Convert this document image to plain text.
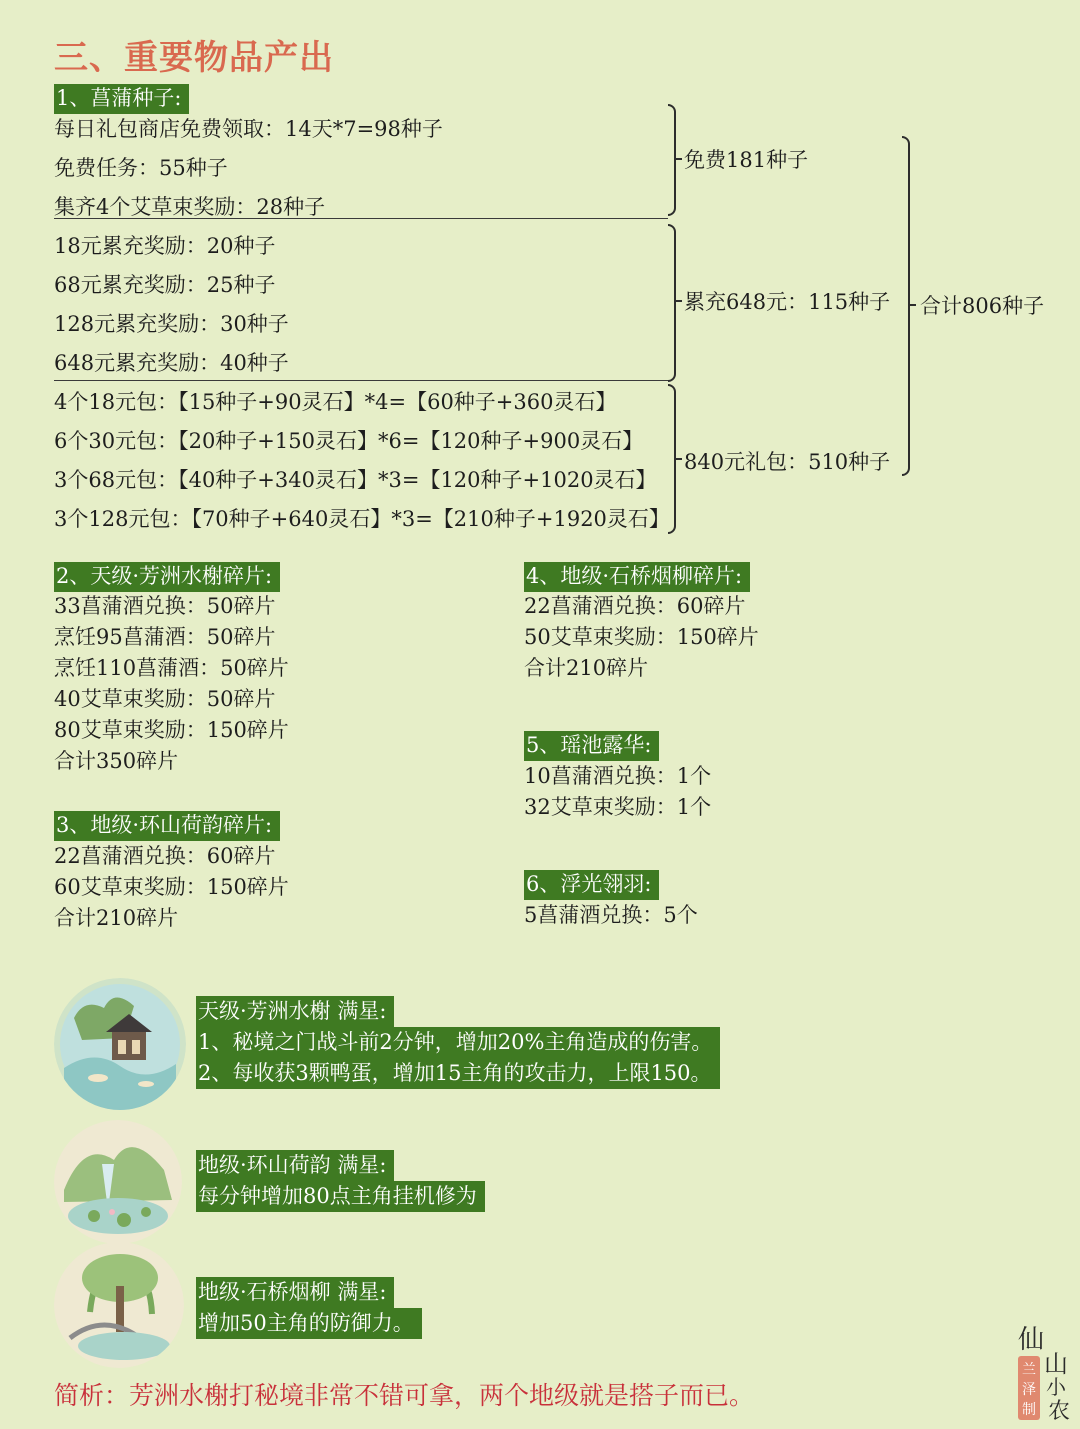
三、重要物品产出
1、菖蒲种子:
每日礼包商店免费领取：14天*7=98种子
免费任务：55种子
集齐4个艾草束奖励：28种子
18元累充奖励：20种子
68元累充奖励：25种子
128元累充奖励：30种子
648元累充奖励：40种子
4个18元包：【15种子+90灵石】*4=【60种子+360灵石】
6个30元包：【20种子+150灵石】*6=【120种子+900灵石】
3个68元包：【40种子+340灵石】*3=【120种子+1020灵石】
3个128元包：【70种子+640灵石】*3=【210种子+1920灵石】
免费181种子
累充648元：115种子
840元礼包：510种子
合计806种子
2、天级·芳洲水榭碎片:
33菖蒲酒兑换：50碎片
烹饪95菖蒲酒：50碎片
烹饪110菖蒲酒：50碎片
40艾草束奖励：50碎片
80艾草束奖励：150碎片
合计350碎片
3、地级·环山荷韵碎片:
22菖蒲酒兑换：60碎片
60艾草束奖励：150碎片
合计210碎片
4、地级·石桥烟柳碎片:
22菖蒲酒兑换：60碎片
50艾草束奖励：150碎片
合计210碎片
5、瑶池露华:
10菖蒲酒兑换：1个
32艾草束奖励：1个
6、浮光翎羽:
5菖蒲酒兑换：5个
天级·芳洲水榭 满星:
1、秘境之门战斗前2分钟，增加20%主角造成的伤害。
2、每收获3颗鸭蛋，增加15主角的攻击力，上限150。
地级·环山荷韵 满星:
每分钟增加80点主角挂机修为
地级·石桥烟柳 满星:
增加50主角的防御力。
简析：芳洲水榭打秘境非常不错可拿，两个地级就是搭子而已。
仙
山
小
农
兰
泽
制
